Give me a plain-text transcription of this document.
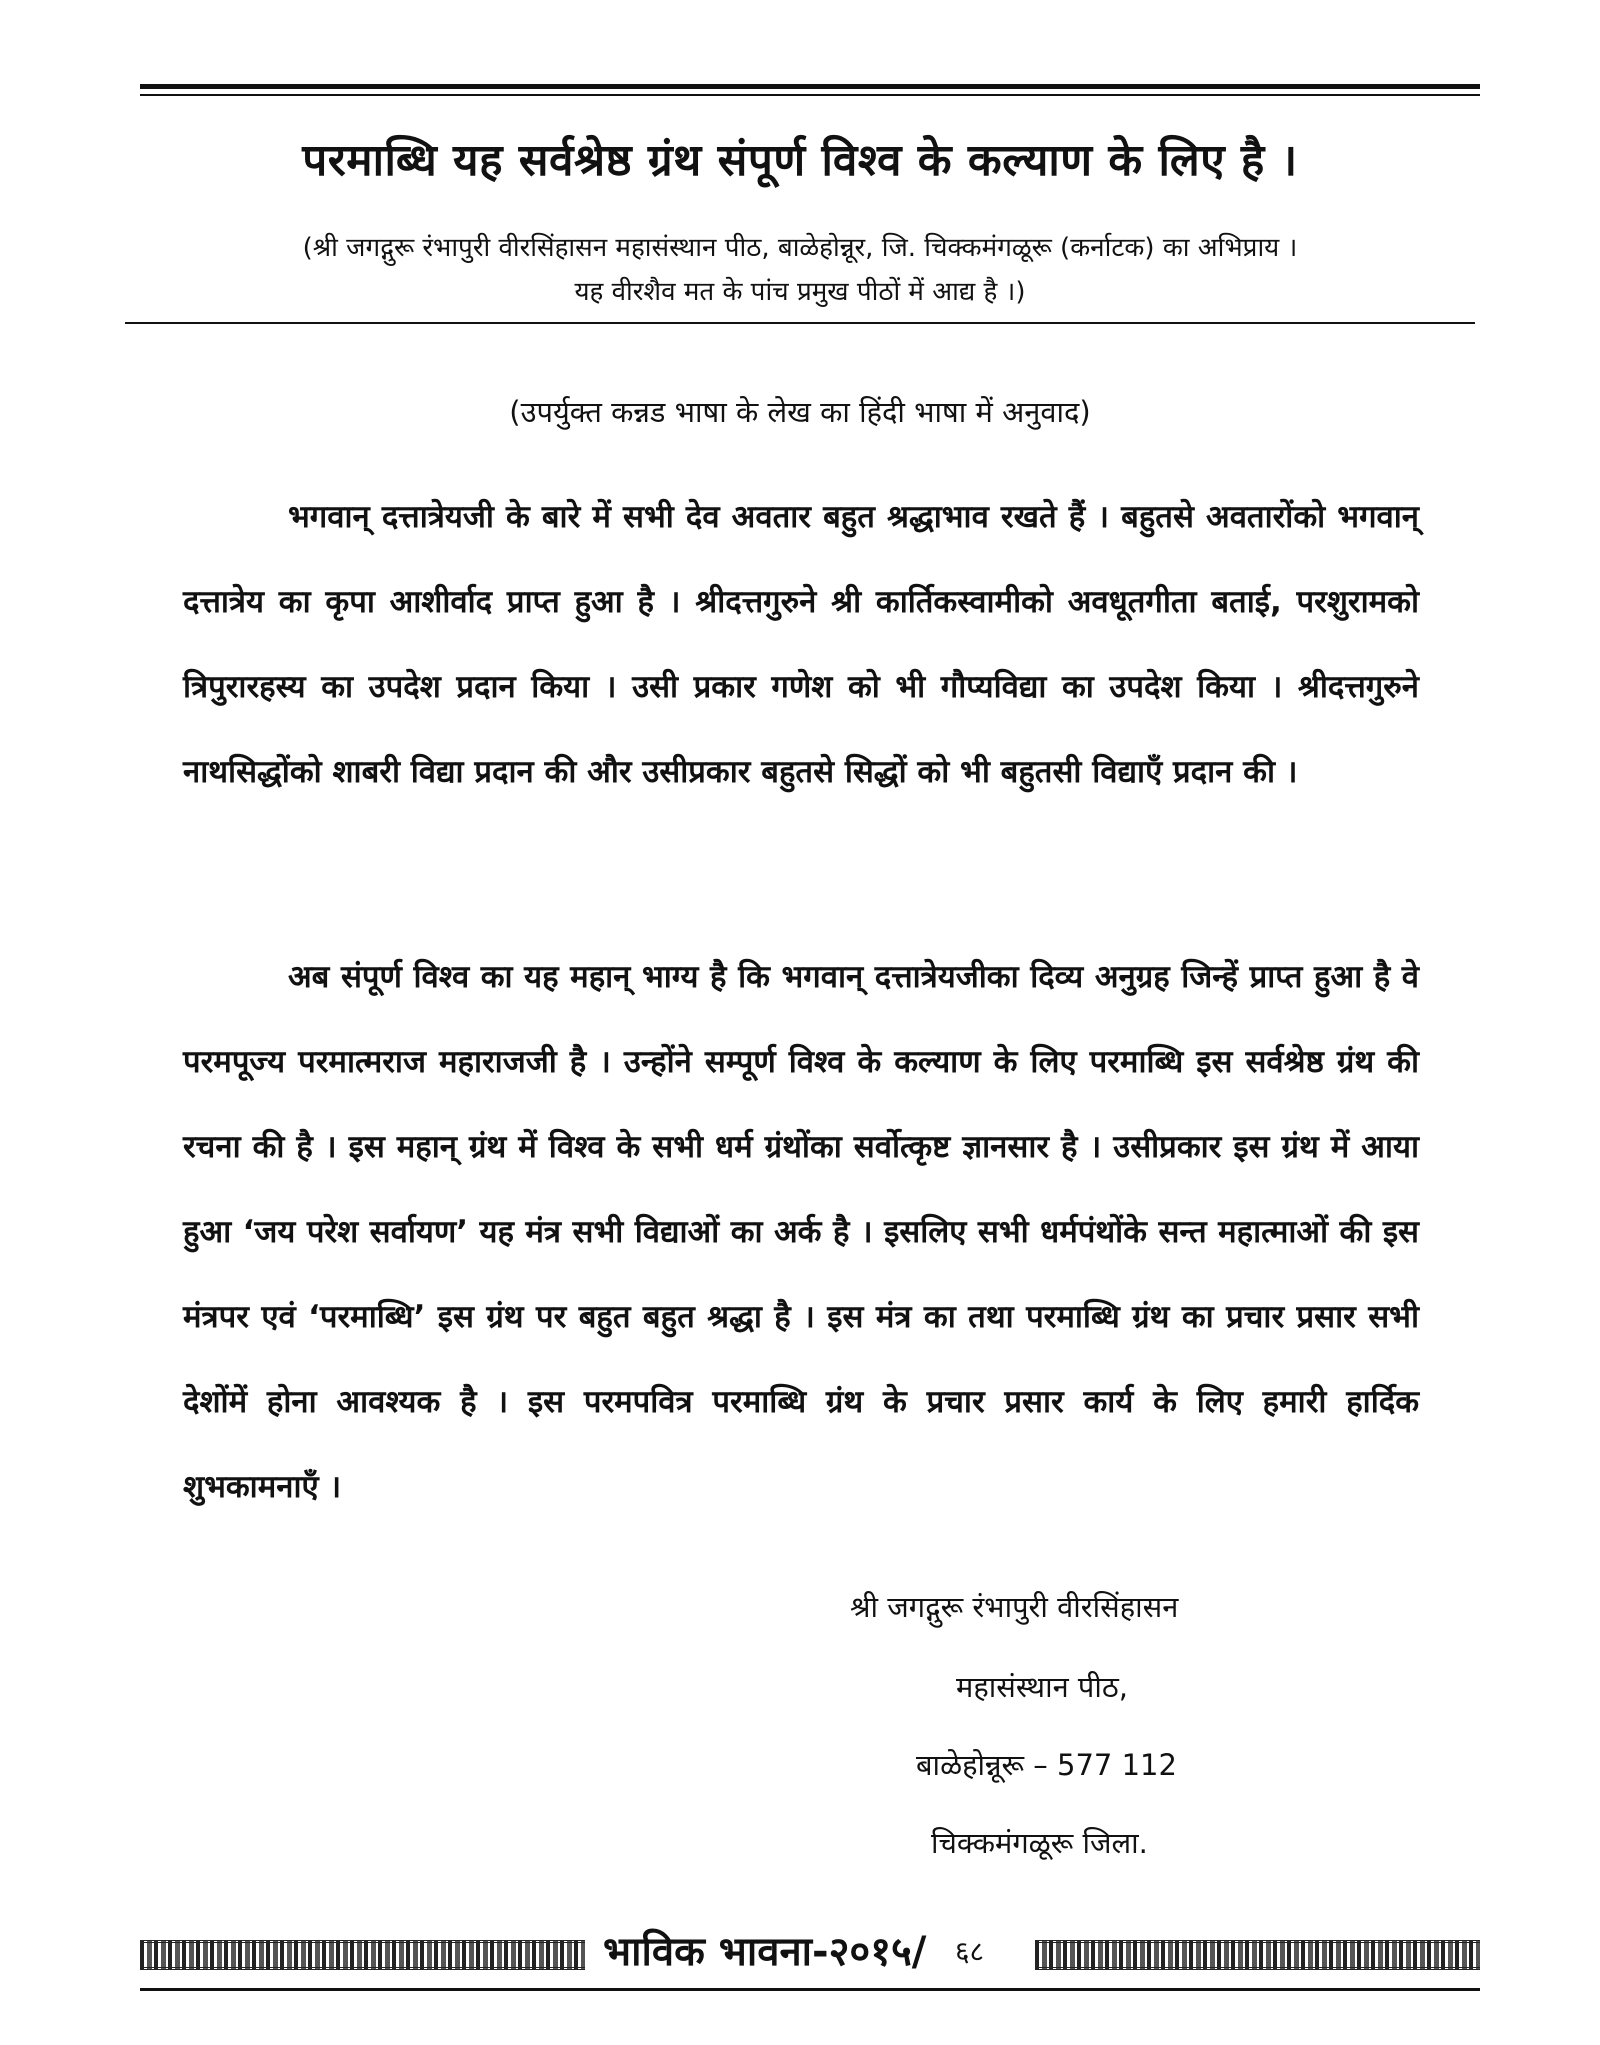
परमाब्धि यह सर्वश्रेष्ठ ग्रंथ संपूर्ण विश्व के कल्याण के लिए है ।
(श्री जगद्गुरू रंभापुरी वीरसिंहासन महासंस्थान पीठ, बाळेहोन्नूर, जि. चिक्कमंगळूरू (कर्नाटक) का अभिप्राय ।
यह वीरशैव मत के पांच प्रमुख पीठों में आद्य है ।)
(उपर्युक्त कन्नड भाषा के लेख का हिंदी भाषा में अनुवाद)

भगवान् दत्तात्रेयजी के बारे में सभी देव अवतार बहुत श्रद्धाभाव रखते हैं । बहुतसे अवतारोंको भगवान् दत्तात्रेय का कृपा आशीर्वाद प्राप्त हुआ है । श्रीदत्तगुरुने श्री कार्तिकस्वामीको अवधूतगीता बताई, परशुरामको त्रिपुरारहस्य का उपदेश प्रदान किया । उसी प्रकार गणेश को भी गौप्यविद्या का उपदेश किया । श्रीदत्तगुरुने नाथसिद्धोंको शाबरी विद्या प्रदान की और उसीप्रकार बहुतसे सिद्धों को भी बहुतसी विद्याएँ प्रदान की ।

अब संपूर्ण विश्व का यह महान् भाग्य है कि भगवान् दत्तात्रेयजीका दिव्य अनुग्रह जिन्हें प्राप्त हुआ है वे परमपूज्य परमात्मराज महाराजजी है । उन्होंने सम्पूर्ण विश्व के कल्याण के लिए परमाब्धि इस सर्वश्रेष्ठ ग्रंथ की रचना की है । इस महान् ग्रंथ में विश्व के सभी धर्म ग्रंथोंका सर्वोत्कृष्ट ज्ञानसार है । उसीप्रकार इस ग्रंथ में आया हुआ ‘जय परेश सर्वायण’ यह मंत्र सभी विद्याओं का अर्क है । इसलिए सभी धर्मपंथोंके सन्त महात्माओं की इस मंत्रपर एवं ‘परमाब्धि’ इस ग्रंथ पर बहुत बहुत श्रद्धा है । इस मंत्र का तथा परमाब्धि ग्रंथ का प्रचार प्रसार सभी देशोंमें होना आवश्यक है । इस परमपवित्र परमाब्धि ग्रंथ के प्रचार प्रसार कार्य के लिए हमारी हार्दिक शुभकामनाएँ ।

श्री जगद्गुरू रंभापुरी वीरसिंहासन
महासंस्थान पीठ,
बाळेहोन्नूरू – 577 112
चिक्कमंगळूरू जिला.
भाविक भावना-२०१५/ ६८
